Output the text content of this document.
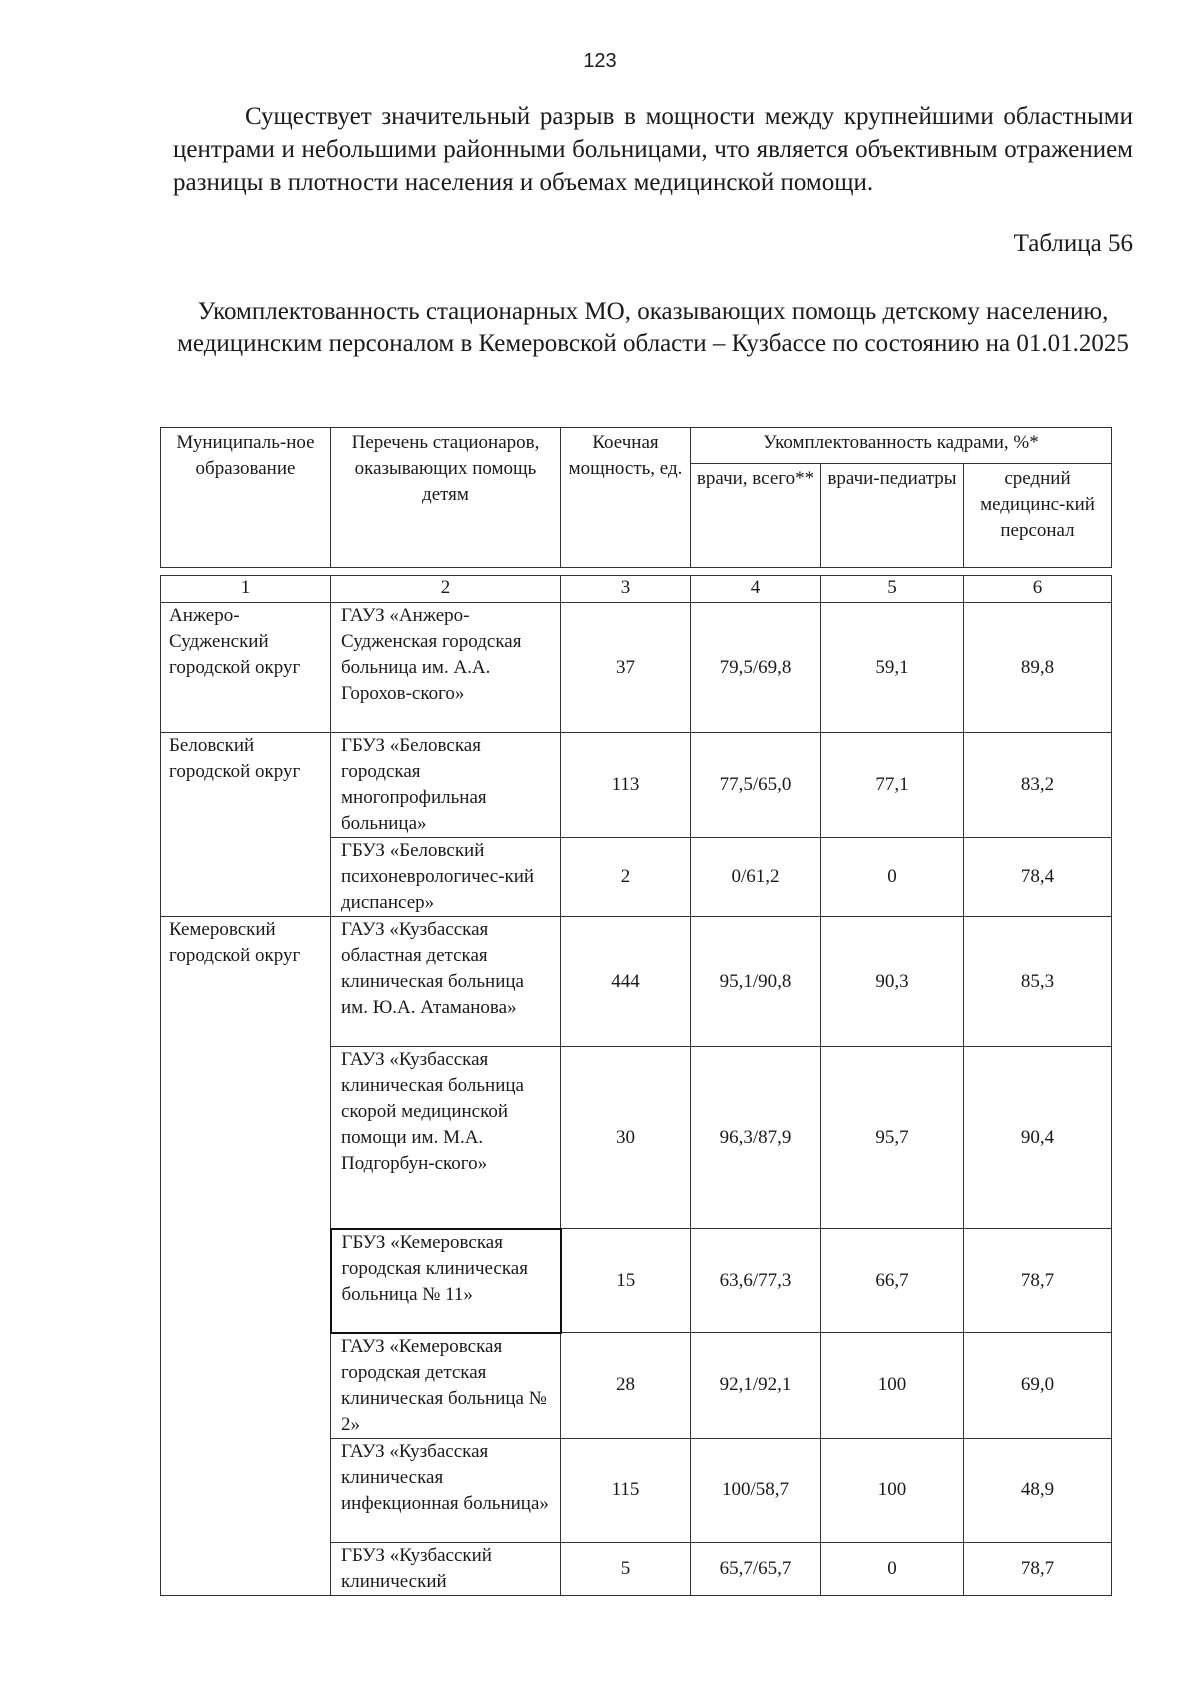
123

Существует значительный разрыв в мощности между крупнейшими областными центрами и небольшими районными больницами, что является объективным отражением разницы в плотности населения и объемах медицинской помощи.

Таблица 56
Укомплектованность стационарных МО, оказывающих помощь детскому населению, медицинским персоналом в Кемеровской области – Кузбассе по состоянию на 01.01.2025
Муниципаль-ное образование	Перечень стационаров, оказывающих помощь детям	Коечная мощность, ед.	Укомплектованность кадрами, %*		
			врачи, всего**	врачи-педиатры	средний медицинс-кий персонал
1	2	3	4	5	6
Анжеро-Судженский городской округ	ГАУЗ «Анжеро-Судженская городская больница им. А.А. Горохов-ского»	37	79,5/69,8	59,1	89,8
Беловский городской округ	ГБУЗ «Беловская городская многопрофильная больница»	113	77,5/65,0	77,1	83,2
	ГБУЗ «Беловский психоневрологичес-кий диспансер»	2	0/61,2	0	78,4
Кемеровский городской округ	ГАУЗ «Кузбасская областная детская клиническая больница им. Ю.А. Атаманова»	444	95,1/90,8	90,3	85,3
	ГАУЗ «Кузбасская клиническая больница скорой медицинской помощи им. М.А. Подгорбун-ского»	30	96,3/87,9	95,7	90,4
	ГБУЗ «Кемеровская городская клиническая больница № 11»	15	63,6/77,3	66,7	78,7
	ГАУЗ «Кемеровская городская детская клиническая больница № 2»	28	92,1/92,1	100	69,0
	ГАУЗ «Кузбасская клиническая инфекционная больница»	115	100/58,7	100	48,9
	ГБУЗ «Кузбасский клинический	5	65,7/65,7	0	78,7
